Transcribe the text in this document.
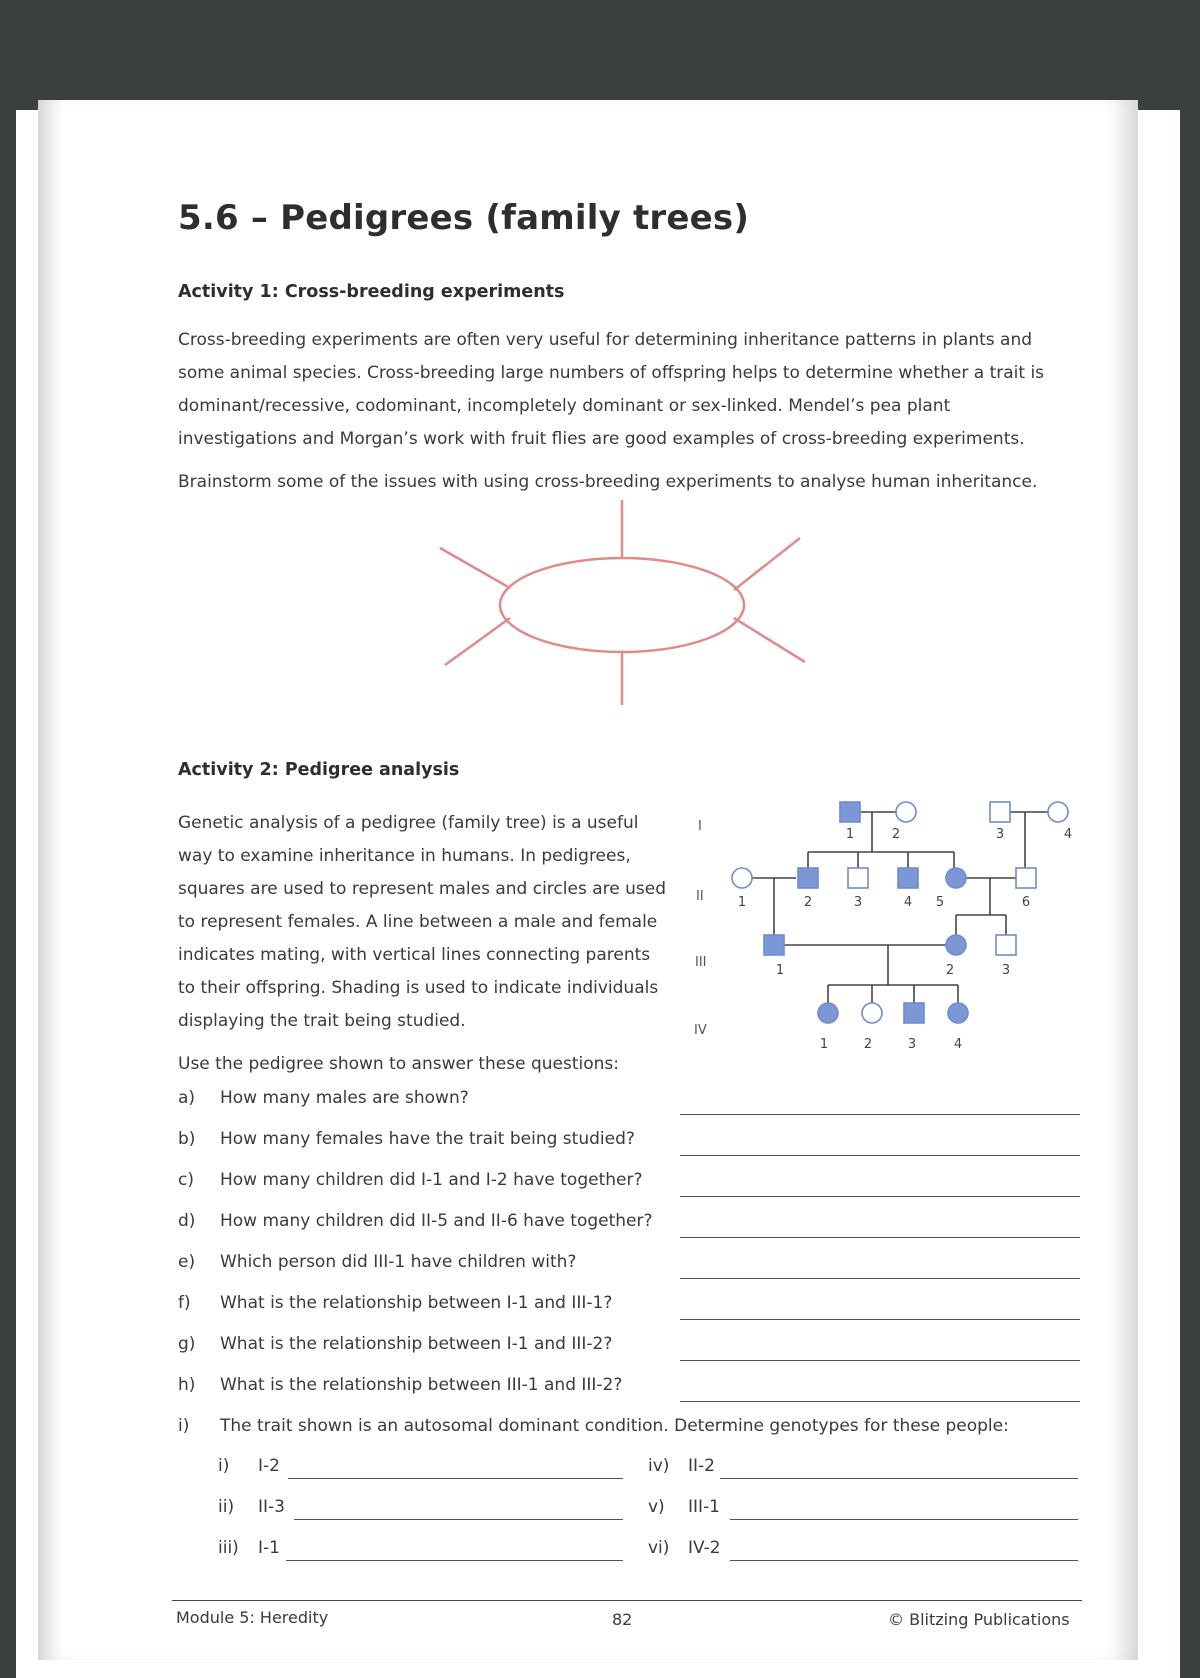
5.6 – Pedigrees (family trees)
Activity 1: Cross-breeding experiments
Cross-breeding experiments are often very useful for determining inheritance patterns in plants and
some animal species. Cross-breeding large numbers of offspring helps to determine whether a trait is
dominant/recessive, codominant, incompletely dominant or sex-linked. Mendel’s pea plant
investigations and Morgan’s work with fruit flies are good examples of cross-breeding experiments.
Brainstorm some of the issues with using cross-breeding experiments to analyse human inheritance.
Activity 2: Pedigree analysis
Genetic analysis of a pedigree (family tree) is a useful
way to examine inheritance in humans. In pedigrees,
squares are used to represent males and circles are used
to represent females. A line between a male and female
indicates mating, with vertical lines connecting parents
to their offspring. Shading is used to indicate individuals
displaying the trait being studied.
Use the pedigree shown to answer these questions:
I
II
III
IV
1	2	3	4
1	2	3	4 5	6
1	2	3
1	2	3	4
a) How many males are shown?
b) How many females have the trait being studied?
c) How many children did I-1 and I-2 have together?
d) How many children did II-5 and II-6 have together?
e) Which person did III-1 have children with?
f) What is the relationship between I-1 and III-1?
g) What is the relationship between I-1 and III-2?
h) What is the relationship between III-1 and III-2?
i) The trait shown is an autosomal dominant condition. Determine genotypes for these people:
i) I-2
ii) II-3
iii) I-1
iv) II-2
v) III-1
vi) IV-2
Module 5: Heredity	82	© Blitzing Publications
